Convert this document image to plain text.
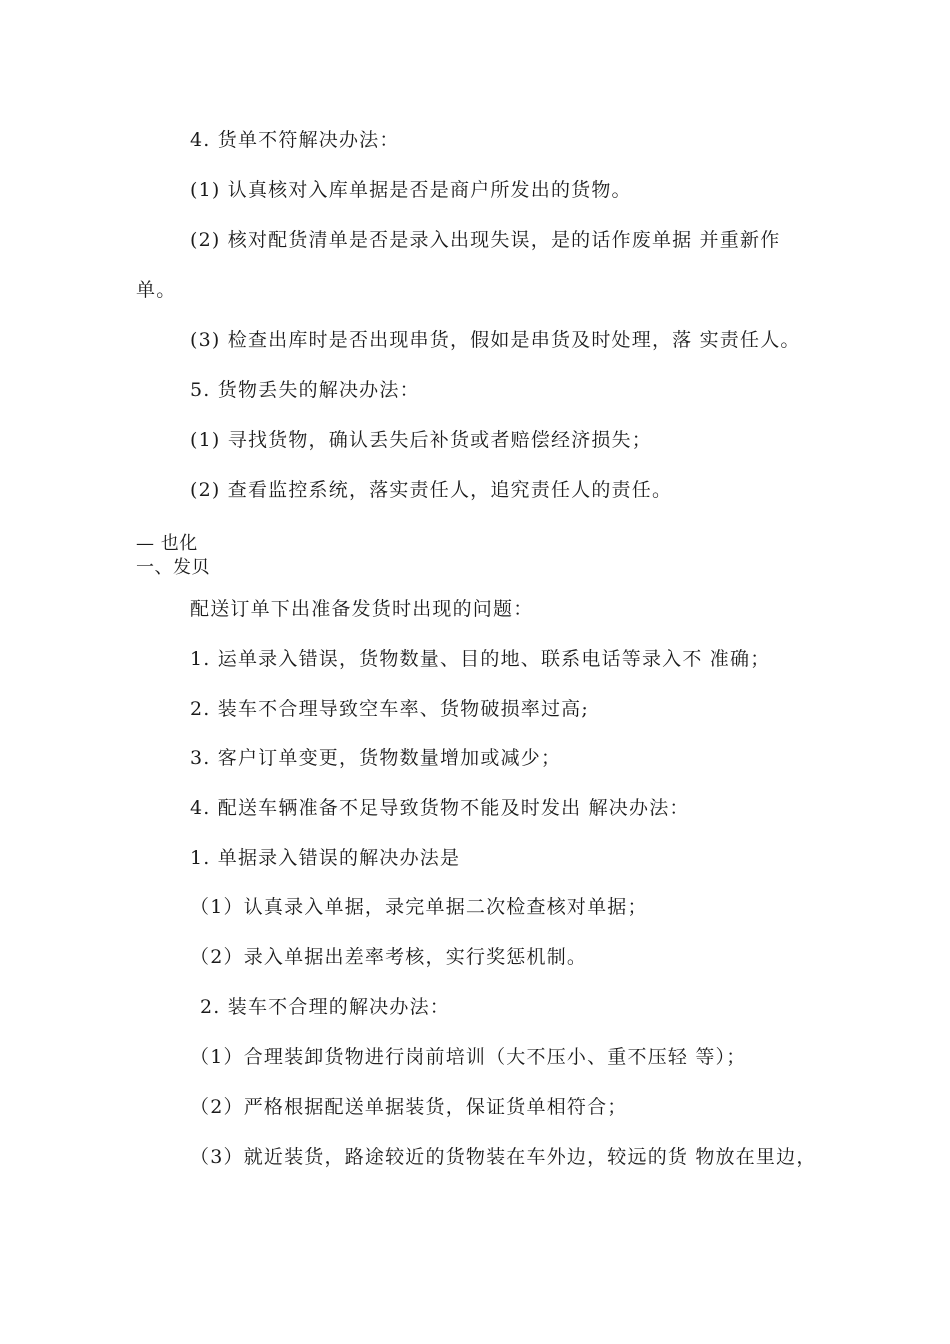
4. 货单不符解决办法：
(1) 认真核对入库单据是否是商户所发出的货物。
(2) 核对配货清单是否是录入出现失误，是的话作废单据 并重新作
单。
(3) 检查出库时是否出现串货，假如是串货及时处理，落 实责任人。
5. 货物丢失的解决办法：
(1) 寻找货物，确认丢失后补货或者赔偿经济损失；
(2) 查看监控系统，落实责任人，追究责任人的责任。
— 也化
一、发贝
配送订单下出准备发货时出现的问题：
1. 运单录入错误，货物数量、目的地、联系电话等录入不 准确；
2. 装车不合理导致空车率、货物破损率过高;
3. 客户订单变更，货物数量增加或减少；
4. 配送车辆准备不足导致货物不能及时发出 解决办法：
1. 单据录入错误的解决办法是
（1）认真录入单据，录完单据二次检查核对单据；
（2）录入单据出差率考核，实行奖惩机制。
2. 装车不合理的解决办法：
（1）合理装卸货物进行岗前培训（大不压小、重不压轻 等）；
（2）严格根据配送单据装货，保证货单相符合；
（3）就近装货，路途较近的货物装在车外边，较远的货 物放在里边，
